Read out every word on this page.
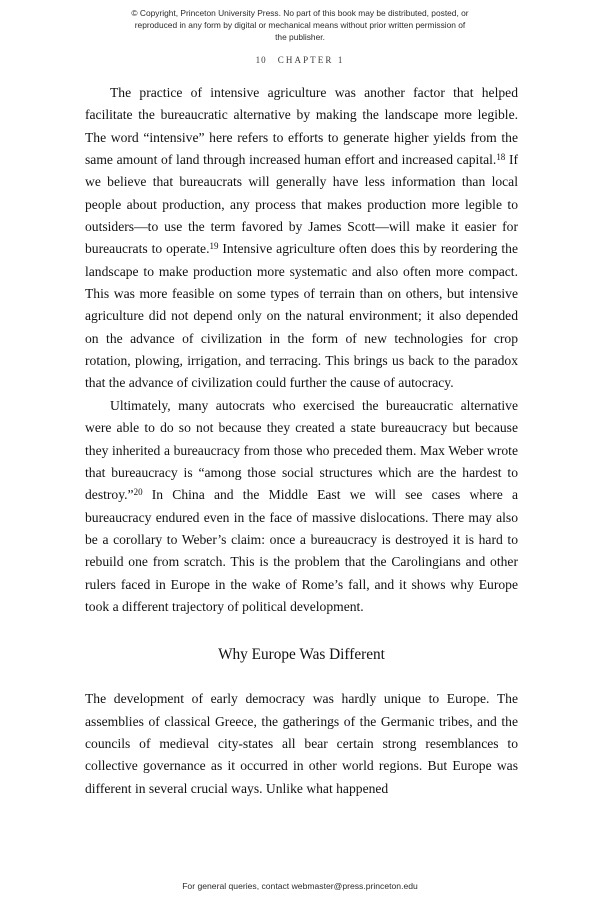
© Copyright, Princeton University Press. No part of this book may be distributed, posted, or reproduced in any form by digital or mechanical means without prior written permission of the publisher.
10 CHAPTER 1

The practice of intensive agriculture was another factor that helped facilitate the bureaucratic alternative by making the landscape more legible. The word “intensive” here refers to efforts to generate higher yields from the same amount of land through increased human effort and increased capital.$^{18}$ If we believe that bureaucrats will generally have less information than local people about production, any process that makes production more legible to outsiders—to use the term favored by James Scott—will make it easier for bureaucrats to operate.$^{19}$ Intensive agriculture often does this by reordering the landscape to make production more systematic and also often more compact. This was more feasible on some types of terrain than on others, but intensive agriculture did not depend only on the natural environment; it also depended on the advance of civilization in the form of new technologies for crop rotation, plowing, irrigation, and terracing. This brings us back to the paradox that the advance of civilization could further the cause of autocracy.

Ultimately, many autocrats who exercised the bureaucratic alternative were able to do so not because they created a state bureaucracy but because they inherited a bureaucracy from those who preceded them. Max Weber wrote that bureaucracy is “among those social structures which are the hardest to destroy.”$^{20}$ In China and the Middle East we will see cases where a bureaucracy endured even in the face of massive dislocations. There may also be a corollary to Weber’s claim: once a bureaucracy is destroyed it is hard to rebuild one from scratch. This is the problem that the Carolingians and other rulers faced in Europe in the wake of Rome’s fall, and it shows why Europe took a different trajectory of political development.

Why Europe Was Different

The development of early democracy was hardly unique to Europe. The assemblies of classical Greece, the gatherings of the Germanic tribes, and the councils of medieval city-states all bear certain strong resemblances to collective governance as it occurred in other world regions. But Europe was different in several crucial ways. Unlike what happened

For general queries, contact webmaster@press.princeton.edu
